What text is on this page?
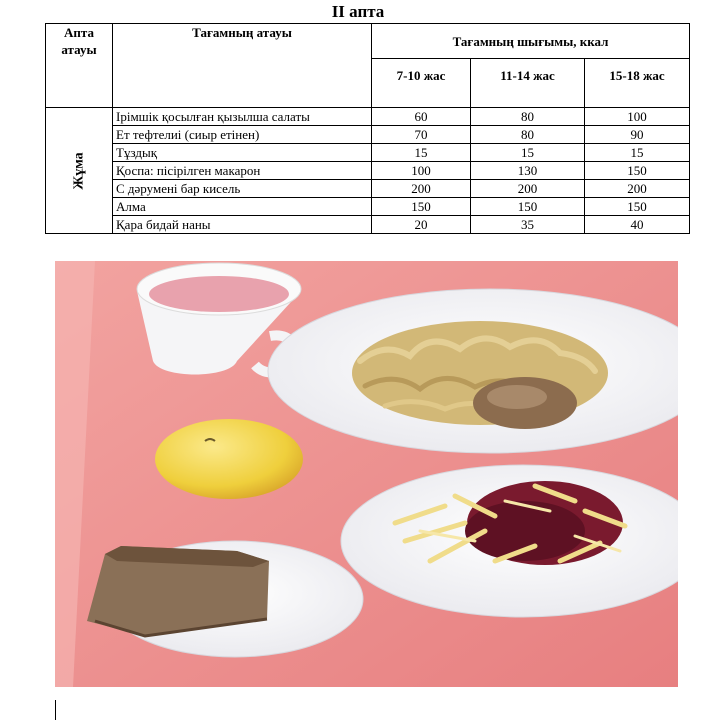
II апта
Апта атауы	Тағамның атауы	Тағамның шығымы, ккал		
		7-10 жас	11-14 жас	15-18 жас

Жұма	Ірімшік қосылған қызылша салаты	60	80	100
	Ет тефтелиі (сиыр етінен)	70	80	90
	Тұздық	15	15	15
	Қоспа: пісірілген макарон	100	130	150
	С дәрумені бар кисель	200	200	200
	Алма	150	150	150
	Қара бидай наны	20	35	40
